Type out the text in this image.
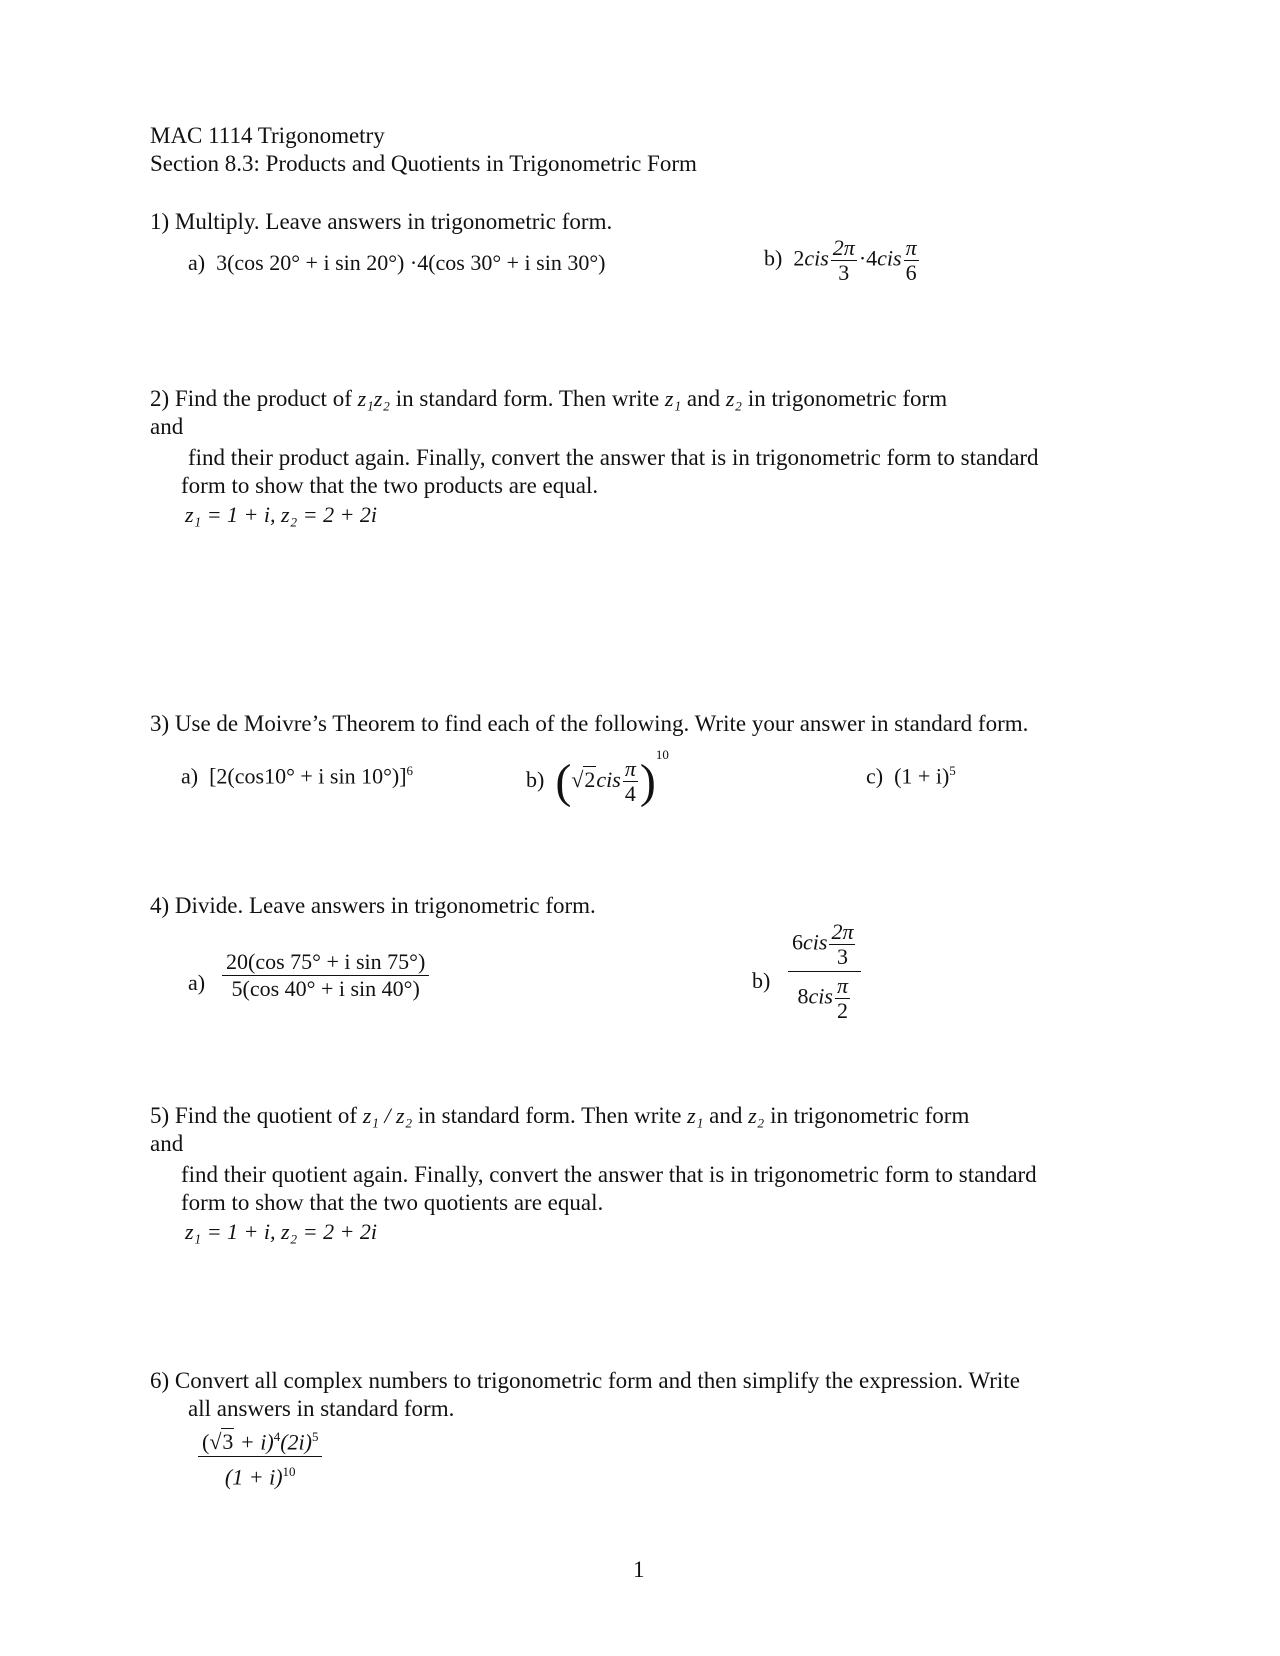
MAC 1114 Trigonometry
Section 8.3: Products and Quotients in Trigonometric Form
1) Multiply. Leave answers in trigonometric form.
a) 3(cos 20° + i sin 20°) ·4(cos 30° + i sin 30°)	b) $2cis \frac{2\pi}{3} \cdot 4cis \frac{\pi}{6}$
2) Find the product of z₁z₂ in standard form. Then write z₁ and z₂ in trigonometric form
and
find their product again. Finally, convert the answer that is in trigonometric form to standard
form to show that the two products are equal.
z₁ = 1 + i, z₂ = 2 + 2i
3) Use de Moivre’s Theorem to find each of the following. Write your answer in standard form.
a) [2(cos10° + i sin 10°)]$^6$	b) $(√2cis \frac{\pi}{4} )^{10}$
c) $(1 + i)^5$
4) Divide. Leave answers in trigonometric form.
$a) \frac{\text{20(cos 75° + i sin 75°)}}{\text{5(cos 40° + i sin 40°)}}$	b)
$6cis \frac{2\pi}{3}$
$8cis \frac{\pi}{2}$
5) Find the quotient of z₁ / z₂ in standard form. Then write z₁ and z₂ in trigonometric form
and
find their quotient again. Finally, convert the answer that is in trigonometric form to standard
form to show that the two quotients are equal.
z₁ = 1 + i, z₂ = 2 + 2i
6) Convert all complex numbers to trigonometric form and then simplify the expression. Write
all answers in standard form.
$\frac{(√3 + i)^4(2i)^5}{(1 + i)^{10}}$
1
